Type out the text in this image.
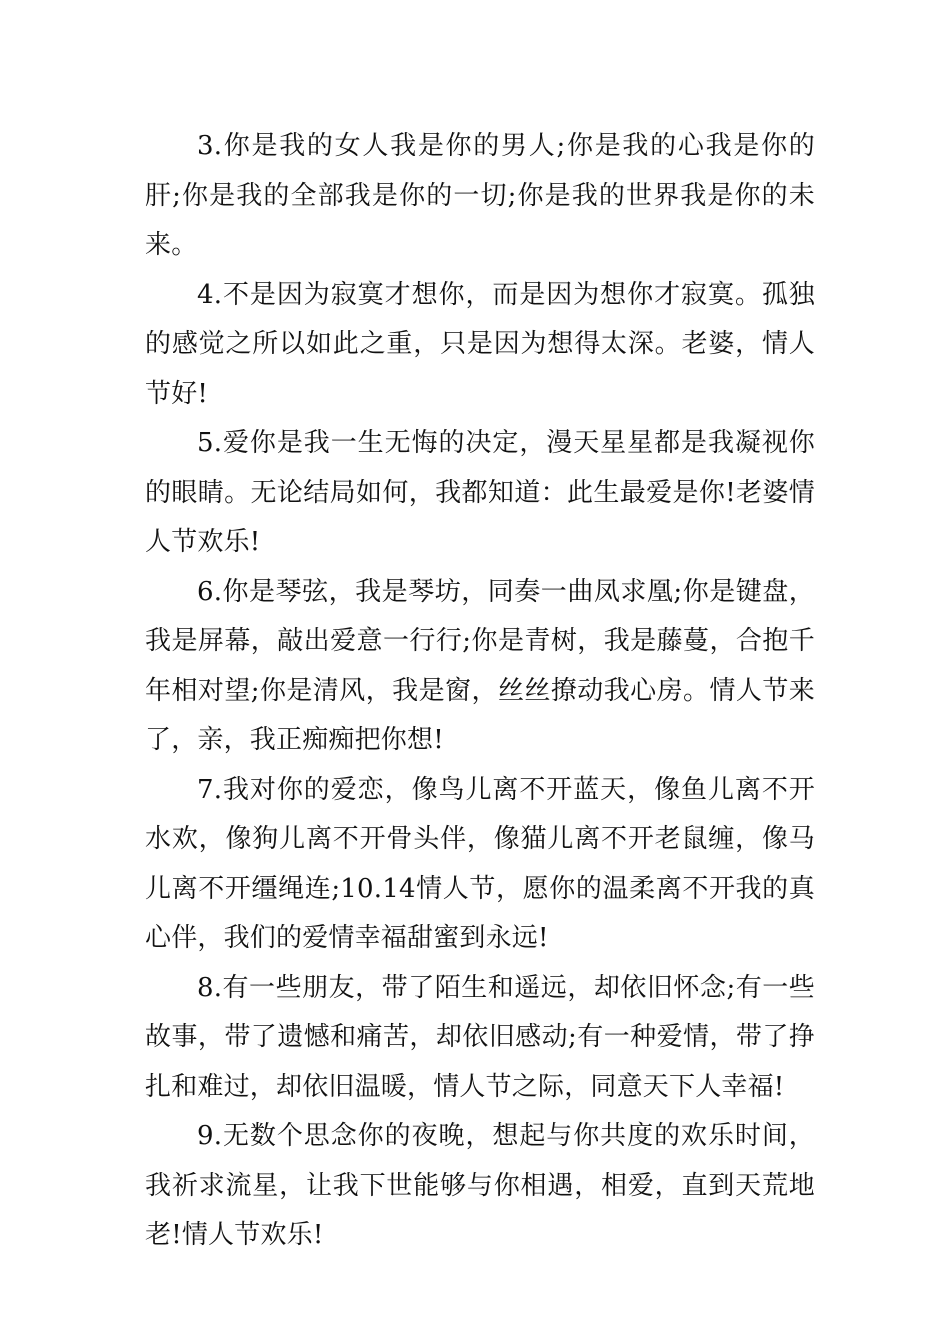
3.你是我的女人我是你的男人;你是我的心我是你的肝;你是我的全部我是你的一切;你是我的世界我是你的未来。

4.不是因为寂寞才想你，而是因为想你才寂寞。孤独的感觉之所以如此之重，只是因为想得太深。老婆，情人节好!

5.爱你是我一生无悔的决定，漫天星星都是我凝视你的眼睛。无论结局如何，我都知道：此生最爱是你!老婆情人节欢乐!

6.你是琴弦，我是琴坊，同奏一曲凤求凰;你是键盘，我是屏幕，敲出爱意一行行;你是青树，我是藤蔓，合抱千年相对望;你是清风，我是窗，丝丝撩动我心房。情人节来了，亲，我正痴痴把你想!

7.我对你的爱恋，像鸟儿离不开蓝天，像鱼儿离不开水欢，像狗儿离不开骨头伴，像猫儿离不开老鼠缠，像马儿离不开缰绳连;10.14情人节，愿你的温柔离不开我的真心伴，我们的爱情幸福甜蜜到永远!

8.有一些朋友，带了陌生和遥远，却依旧怀念;有一些故事，带了遗憾和痛苦，却依旧感动;有一种爱情，带了挣扎和难过，却依旧温暖，情人节之际，同意天下人幸福!

9.无数个思念你的夜晚，想起与你共度的欢乐时间，我祈求流星，让我下世能够与你相遇，相爱，直到天荒地老!情人节欢乐!
